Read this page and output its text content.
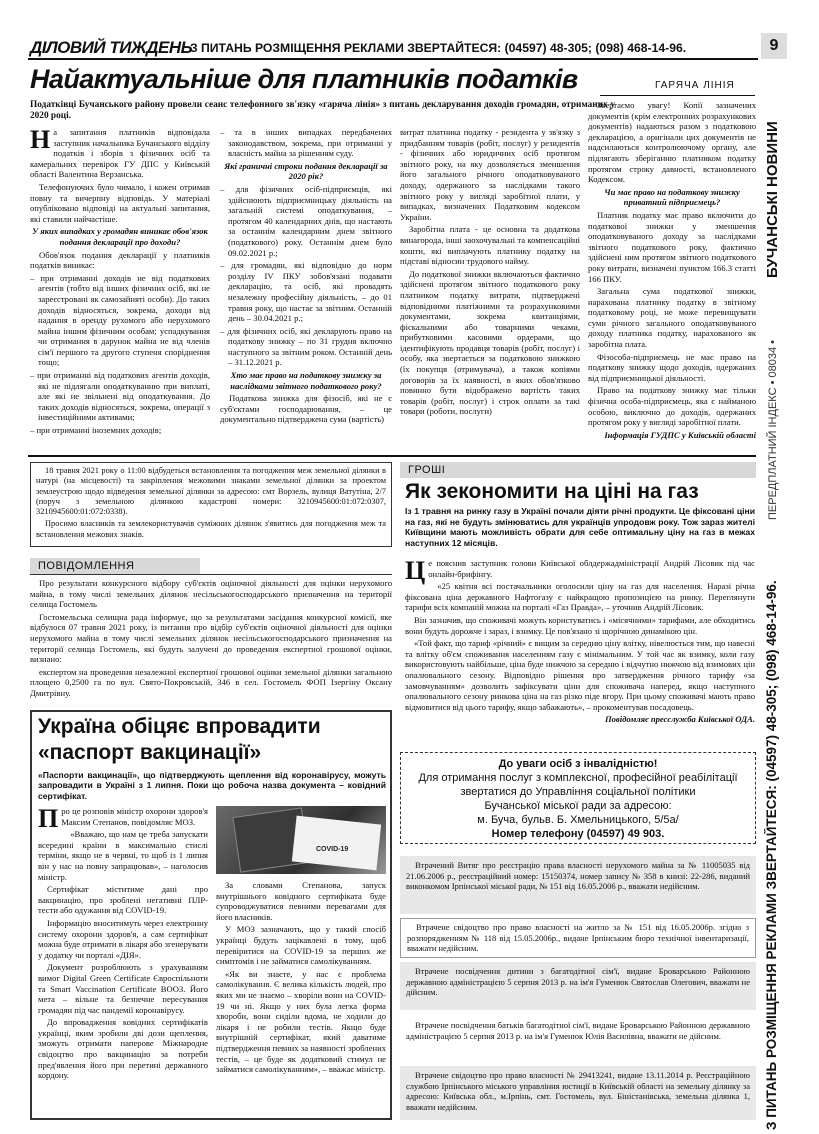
ДІЛОВИЙ ТИЖДЕНЬ
З ПИТАНЬ РОЗМІЩЕННЯ РЕКЛАМИ ЗВЕРТАЙТЕСЯ: (04597) 48-305; (098) 468-14-96.	9
БУЧАНСЬКІ НОВИНИ
ПЕРЕДПЛАТНИЙ ІНДЕКС • 08034 •
З ПИТАНЬ РОЗМІЩЕННЯ РЕКЛАМИ ЗВЕРТАЙТЕСЯ: (04597) 48-305; (098) 468-14-96.
Найактуальніше для платників податків	ГАРЯЧА ЛІНІЯ
Податківці Бучанського району провели сеанс телефонного зв'язку «гаряча лінія» з питань декларування доходів громадян, отриманих у 2020 році.

На запитання платників відповідала заступник начальника Бучанського відділу податків і зборів з фізичних осіб та камеральних перевірок ГУ ДПС у Київській області Валентина Верзанська.

Телефонуючих було чимало, і кожен отримав повну та вичерпну відповідь. У матеріалі опубліковано відповіді на актуальні запитання, які ставили найчастіше.

У яких випадках у громадян виникає обов'язок подання декларації про доходи?

Обов'язок подання декларації у платників податків виникає:

– при отриманні доходів не від податкових агентів (тобто від інших фізичних осіб, які не зареєстровані як самозайняті особи). До таких доходів відносяться, зокрема, доходи від надання в оренду рухомого або нерухомого майна іншим фізичним особам; успадкування чи отримання в дарунок майна не від членів сім'ї першого та другого ступеня споріднення тощо;

– при отриманні від податкових агентів доходів, які не підлягали оподаткуванню при виплаті, але які не звільнені від оподаткування. До таких доходів відносяться, зокрема, операції з інвестиційними активами;

– при отриманні іноземних доходів;

– та в інших випадках передбачених законодавством, зокрема, при отриманні у власність майна за рішенням суду.

Які граничні строки подання декларації за 2020 рік?

– для фізичних осіб-підприємців, які здійснюють підприємницьку діяльність на загальній системі оподаткування, – протягом 40 календарних днів, що настають за останнім календарним днем звітного (податкового) року. Останнім днем було 09.02.2021 р.;

– для громадян, які відповідно до норм розділу IV ПКУ зобов'язані подавати декларацію, та осіб, які провадять незалежну професійну діяльність, – до 01 травня року, що настає за звітним. Останній день – 30.04.2021 р.;

– для фізичних осіб, які декларують право на податкову знижку – по 31 грудня включно наступного за звітним роком. Останній день – 31.12.2021 р.

Хто має право на податкову знижку за наслідками звітного податкового року?

Податкова знижка для фізосіб, які не є суб'єктами господарювання, – це документально підтверджена сума (вартість)

витрат платника податку - резидента у зв'язку з придбанням товарів (робіт, послуг) у резидентів - фізичних або юридичних осіб протягом звітного року, на яку дозволяється зменшення його загального річного оподатковуваного доходу, одержаного за наслідками такого звітного року у вигляді заробітної плати, у випадках, визначених Податковим кодексом України.

Заробітна плата - це основна та додаткова винагорода, інші заохочувальні та компенсаційні кошти, які виплачують платнику податку на підставі відносин трудового найму.

До податкової знижки включаються фактично здійснені протягом звітного податкового року платником податку витрати, підтверджені відповідними платіжними та розрахунковими документами, зокрема квитанціями, фіскальними або товарними чеками, прибутковими касовими ордерами, що ідентифікують продавця товарів (робіт, послуг) і особу, яка звертається за податковою знижкою (їх покупця (отримувача), а також копіями договорів за їх наявності, в яких обов'язково повинно бути відображено вартість таких товарів (робіт, послуг) і строк оплати за такі товари (роботи, послуги)

Звертаємо увагу! Копії зазначених документів (крім електронних розрахункових документів) надаються разом з податковою декларацією, а оригінали цих документів не надсилаються контролюючому органу, але підлягають зберіганню платником податку протягом строку давності, встановленого Кодексом.

Чи має право на податкову знижку приватний підприємець?

Платник податку має право включити до податкової знижки у зменшення оподатковуваного доходу за наслідками звітного податкового року, фактично здійснені ним протягом звітного податкового року витрати, визначені пунктом 166.3 статті 166 ПКУ.

Загальна сума податкової знижки, нарахована платнику податку в звітному податковому році, не може перевищувати суми річного загального оподатковуваного доходу платника податку, нарахованого як заробітна плата.

Фізособа-підприємець не має право на податкову знижку щодо доходів, одержаних від підприємницької діяльності.

Право на податкову знижку має тільки фізична особа-підприємець, яка є найманою особою, виключно до доходів, одержаних протягом року у вигляді заробітної плати.

Інформація ГУДПС у Київській області

18 травня 2021 року о 11:00 відбудеться встановлення та погодження меж земельної ділянки в натурі (на місцевості) та закріплення межовими знаками земельної ділянки за проектом землеустрою щодо відведення земельної ділянки за адресою: смт Ворзель, вулиця Ватутіна, 2/7 (поруч з земельною ділянкою кадастрові номери: 3210945600:01:072:0307, 3210945600:01:072:0338).

Просимо власників та землекористувачів суміжних ділянок з'явитись для погодження меж та встановлення межових знаків.

ПОВІДОМЛЕННЯ

Про результати конкурсного відбору суб'єктів оціночної діяльності для оцінки нерухомого майна, в тому числі земельних ділянок несільськогосподарського призначення на території селища Гостомель

Гостомельська селищна рада інформує, що за результатами засідання конкурсної комісії, яке відбулося 07 травня 2021 року, із питання про відбір суб'єктів оціночної діяльності для оцінки нерухомого майна в тому числі земельних ділянок несільськогосподарського призначення на території селища Гостомель, які будуть залучені до проведення експертної грошової оцінки, визнано:

експертом на проведення незалежної експертної грошової оцінки земельної ділянки загальною площею 0,2500 га по вул. Свято-Покровській, 346 в сел. Гостомель ФОП Ізергіну Оксану Дмитрівну.

Україна обіцяє впровадити «паспорт вакцинації»
«Паспорти вакцинації», що підтверджують щеплення від коронавірусу, можуть запровадити в Україні з 1 липня. Поки що робоча назва документа – ковідний сертифікат.

Про це розповів міністр охорони здоров'я Максим Степанов, повідомляє МОЗ.

«Вважаю, що нам це треба запускати всередині країни в максимально стислі терміни, якщо не в червні, то щоб із 1 липня він у нас на повну запрацював», – наголосив міністр.

Сертифікат міститиме дані про вакцинацію, про зроблені негативні ПЛР-тести або одужання від COVID-19.

Інформацію вноситимуть через електронну систему охорони здоров'я, а сам сертифікат можна буде отримати в лікаря або згенерувати у додатку чи порталі «ДІЯ».

Документ розроблюють з урахуванням вимог Digital Green Certificate Євроспільноти та Smart Vaccination Certificate ВООЗ. Його мета – вільне та безпечне пересування громадян під час пандемії коронавірусу.

До впровадження ковідних сертифікатів українці, яким зробили дві дози щеплення, зможуть отримати паперове Міжнародне свідоцтво про вакцинацію за потреби пред'явлення його при перетині державного кордону.

COVID-19

За словами Степанова, запуск внутрішнього ковідного сертифіката буде супроводжуватися певними перевагами для його власників.

У МОЗ зазначають, що у такий спосіб українці будуть зацікавлені в тому, щоб перевіритися на COVID-19 за перших же симптомів і не займатися самолікуванням.

«Як ви знаєте, у нас є проблема самолікування. Є велика кількість людей, про яких ми не знаємо – хворіли вони на COVID-19 чи ні. Якщо у них була легка форма хвороби, вони сиділи вдома, не ходили до лікаря і не робили тестів. Якщо буде внутрішній сертифікат, який даватиме підтвердження певних за наявності зроблених тестів, – це буде як додатковий стимул не займатися самолікуванням», – вважає міністр.

ГРОШІ
Як зекономити на ціні на газ
Із 1 травня на ринку газу в Україні почали діяти річні продукти. Це фіксовані ціни на газ, які не будуть змінюватись для українців упродовж року. Тож зараз жителі Київщини мають можливість обрати для себе оптимальну ціну на газ в межах наступних 12 місяців.

Це пояснив заступник голови Київської облдержадміністрації Андрій Лісовик під час онлайн-брифінгу.

«25 квітня всі постачальники оголосили ціну на газ для населення. Наразі річна фіксована ціна державного Нафтогазу є найкращою пропозицією на ринку. Переглянути тарифи всіх компаній можна на порталі «Газ Правда», – уточнив Андрій Лісовик.

Він зазначив, що споживачі можуть користуватись і «місячними» тарифами, але обходитись вони будуть дорожче і зараз, і взимку. Це пов'язано зі щорічною динамікою цін.

«Той факт, що тариф «річний» є вищим за середню ціну влітку, нівелюється тим, що навесні та влітку об'єм споживання населенням газу є мінімальним. У той час як взимку, коли газу використовують найбільше, ціна буде нижчою за середню і відчутно нижчою від взимових цін опалювального сезону. Відповідно рішення про затвердження річного тарифу «за замовчуванням» дозволить зафіксувати ціни для споживача наперед, якщо наступного опалювального сезону ринкова ціна на газ різко піде вгору. При цьому споживачі мають право відмовитися від цього тарифу, якщо забажають», – прокоментував посадовець.

Повідомляє пресслужба Київської ОДА.

До уваги осіб з інвалідністю!
Для отримання послуг з комплексної, професійної реабілітації
звертатися до Управління соціальної політики
Бучанської міської ради за адресою:
м. Буча, бульв. Б. Хмельницького, 5/5а/
Номер телефону (04597) 49 903.
Втрачений Витяг про реєстрацію права власності нерухомого майна за № 11005035 від 21.06.2006 р., реєстраційний номер: 15150374, номер запису № 358 в книзі: 22-286, виданий виконкомом Ірпінської міської ради, № 151 від 16.05.2006 р., вважати недійсним.
Втрачене свідоцтво про право власності на житло за № 151 від 16.05.2006р. згідно з розпорядженням № 118 від 15.05.2006р., видане Ірпінським бюро технічної інвентаризації, вважати недійсним.
Втрачене посвідчення дитини з багатодітної сім'ї, видане Броварською Районною державною адміністрацією 5 серпня 2013 р. на ім'я Гуменюк Святослав Олегович, вважати не дійсним.
Втрачене посвідчення батьків багатодітної сім'ї, видане Броварською Районною державною адміністрацією 5 серпня 2013 р. на ім'я Гуменюк Юлія Василівна, вважати не дійсним.
Втрачене свідоцтво про право власності № 29413241, видане 13.11.2014 р. Реєстраційною службою Ірпінського міського управління юстиції в Київській області на земельну ділянку за адресою: Київська обл., м.Ірпінь, смт. Гостомель, вул. Біністанівська, земельна ділянка 1, вважати недійсним.
